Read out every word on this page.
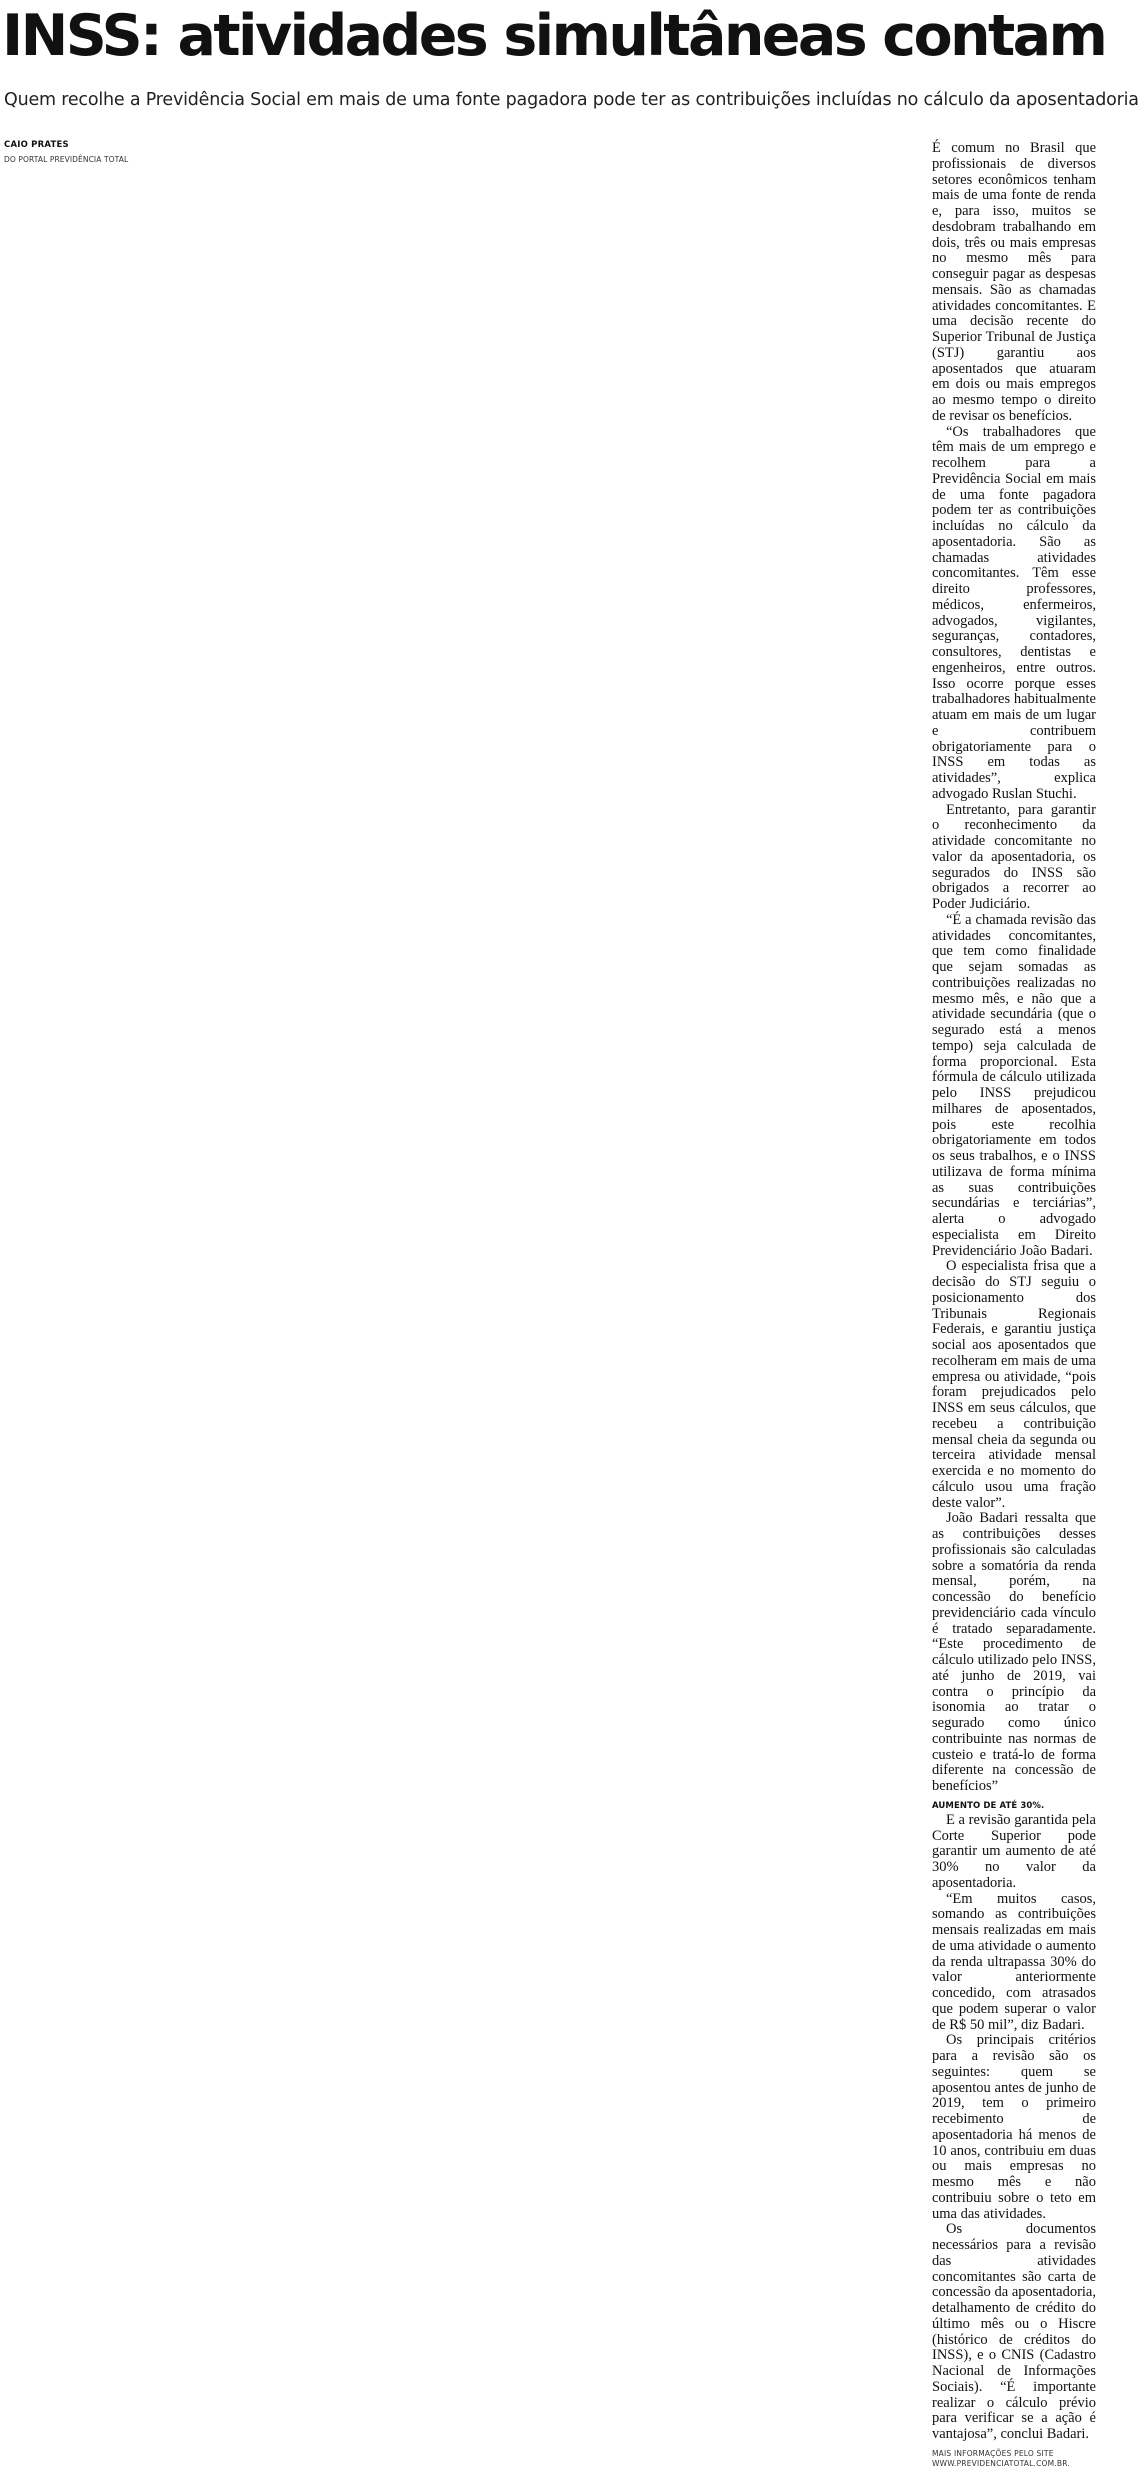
INSS: atividades simultâneas contam

Quem recolhe a Previdência Social em mais de uma fonte pagadora pode ter as contribuições incluídas no cálculo da aposentadoria

CAIO PRATES
DO PORTAL PREVIDÊNCIA TOTAL

É comum no Brasil que profissionais de diversos setores econômicos tenham mais de uma fonte de renda e, para isso, muitos se desdobram trabalhando em dois, três ou mais empresas no mesmo mês para conseguir pagar as despesas mensais. São as chamadas atividades concomitantes. E uma decisão recente do Superior Tribunal de Justiça (STJ) garantiu aos aposentados que atuaram em dois ou mais empregos ao mesmo tempo o direito de revisar os benefícios.

“Os trabalhadores que têm mais de um emprego e recolhem para a Previdência Social em mais de uma fonte pagadora podem ter as contribuições incluídas no cálculo da aposentadoria. São as chamadas atividades concomitantes. Têm esse direito professores, médicos, enfermeiros, advogados, vigilantes, seguranças, contadores, consultores, dentistas e engenheiros, entre outros. Isso ocorre porque esses trabalhadores habitualmente atuam em mais de um lugar e contribuem obrigatoriamente para o INSS em todas as atividades”, explica advogado Ruslan Stuchi.

Entretanto, para garantir o reconhecimento da atividade concomitante no valor da aposentadoria, os segurados do INSS são obrigados a recorrer ao Poder Judiciário.

“É a chamada revisão das atividades concomitantes, que tem como finalidade que sejam somadas as contribuições realizadas no mesmo mês, e não que a atividade secundária (que o segurado está a menos tempo) seja calculada de forma proporcional. Esta fórmula de cálculo utilizada pelo INSS prejudicou milhares de aposentados, pois este recolhia obrigatoriamente em todos os seus trabalhos, e o INSS utilizava de forma mínima as suas contribuições secundárias e terciárias”, alerta o advogado especialista em Direito Previdenciário João Badari.

O especialista frisa que a decisão do STJ seguiu o posicionamento dos Tribunais Regionais Federais, e garantiu justiça social aos aposentados que recolheram em mais de uma empresa ou atividade, “pois foram prejudicados pelo INSS em seus cálculos, que recebeu a contribuição mensal cheia da segunda ou terceira atividade mensal exercida e no momento do cálculo usou uma fração deste valor”.

João Badari ressalta que as contribuições desses profissionais são calculadas sobre a somatória da renda mensal, porém, na concessão do benefício previdenciário cada vínculo é tratado separadamente. “Este procedimento de cálculo utilizado pelo INSS, até junho de 2019, vai contra o princípio da isonomia ao tratar o segurado como único contribuinte nas normas de custeio e tratá-lo de forma diferente na concessão de benefícios”

AUMENTO DE ATÉ 30%.

E a revisão garantida pela Corte Superior pode garantir um aumento de até 30% no valor da aposentadoria.

“Em muitos casos, somando as contribuições mensais realizadas em mais de uma atividade o aumento da renda ultrapassa 30% do valor anteriormente concedido, com atrasados que podem superar o valor de R$ 50 mil”, diz Badari.

Os principais critérios para a revisão são os seguintes: quem se aposentou antes de junho de 2019, tem o primeiro recebimento de aposentadoria há menos de 10 anos, contribuiu em duas ou mais empresas no mesmo mês e não contribuiu sobre o teto em uma das atividades.

Os documentos necessários para a revisão das atividades concomitantes são carta de concessão da aposentadoria, detalhamento de crédito do último mês ou o Hiscre (histórico de créditos do INSS), e o CNIS (Cadastro Nacional de Informações Sociais). “É importante realizar o cálculo prévio para verificar se a ação é vantajosa”, conclui Badari.

MAIS INFORMAÇÕES PELO SITE
WWW.PREVIDENCIATOTAL.COM.BR.
